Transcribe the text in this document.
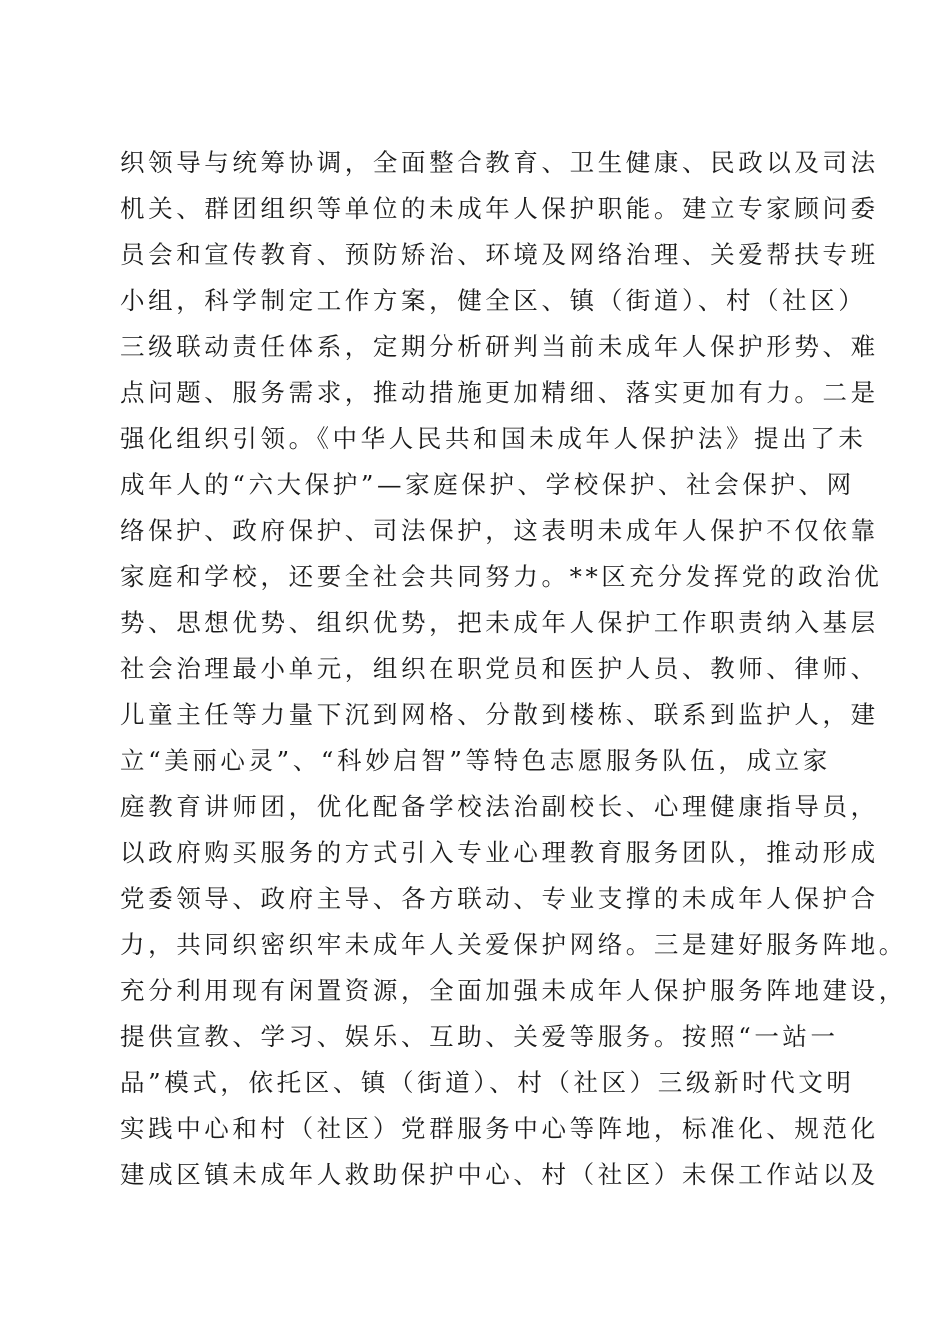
织领导与统筹协调，全面整合教育、卫生健康、民政以及司法
机关、群团组织等单位的未成年人保护职能。建立专家顾问委
员会和宣传教育、预防矫治、环境及网络治理、关爱帮扶专班
小组，科学制定工作方案，健全区、镇（街道）、村（社区）
三级联动责任体系，定期分析研判当前未成年人保护形势、难
点问题、服务需求，推动措施更加精细、落实更加有力。二是
强化组织引领。《中华人民共和国未成年人保护法》提出了未
成年人的“六大保护”—家庭保护、学校保护、社会保护、网
络保护、政府保护、司法保护，这表明未成年人保护不仅依靠
家庭和学校，还要全社会共同努力。**区充分发挥党的政治优
势、思想优势、组织优势，把未成年人保护工作职责纳入基层
社会治理最小单元，组织在职党员和医护人员、教师、律师、
儿童主任等力量下沉到网格、分散到楼栋、联系到监护人，建
立“美丽心灵”、“科妙启智”等特色志愿服务队伍，成立家
庭教育讲师团，优化配备学校法治副校长、心理健康指导员，
以政府购买服务的方式引入专业心理教育服务团队，推动形成
党委领导、政府主导、各方联动、专业支撑的未成年人保护合
力，共同织密织牢未成年人关爱保护网络。三是建好服务阵地。
充分利用现有闲置资源，全面加强未成年人保护服务阵地建设，
提供宣教、学习、娱乐、互助、关爱等服务。按照“一站一
品”模式，依托区、镇（街道）、村（社区）三级新时代文明
实践中心和村（社区）党群服务中心等阵地，标准化、规范化
建成区镇未成年人救助保护中心、村（社区）未保工作站以及
